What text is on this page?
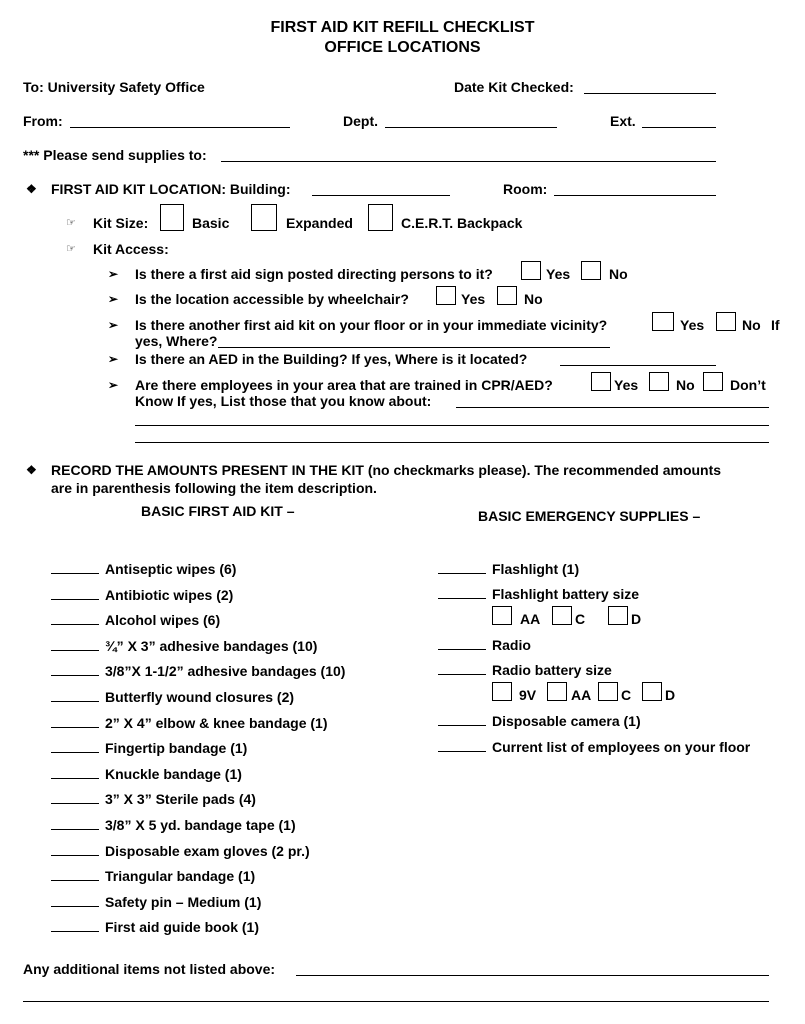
FIRST AID KIT REFILL CHECKLIST
OFFICE LOCATIONS
To: University Safety Office	Date Kit Checked:
From:	Dept.	Ext.
*** Please send supplies to:
❖ FIRST AID KIT LOCATION: Building:	Room:
☞ Kit Size:	Basic	Expanded	C.E.R.T. Backpack
☞ Kit Access:
➢ Is there a first aid sign posted directing persons to it?	Yes	No
➢ Is the location accessible by wheelchair?	Yes	No
➢ Is there another first aid kit on your floor or in your immediate vicinity?	Yes	No If
yes, Where?
➢ Is there an AED in the Building? If yes, Where is it located?
➢ Are there employees in your area that are trained in CPR/AED?	Yes	No	Don’t
Know If yes, List those that you know about:
❖ RECORD THE AMOUNTS PRESENT IN THE KIT (no checkmarks please). The recommended amounts
are in parenthesis following the item description.
BASIC FIRST AID KIT –	BASIC EMERGENCY SUPPLIES –
Antiseptic wipes (6)
Antibiotic wipes (2)
Alcohol wipes (6)
¾” X 3” adhesive bandages (10)
3/8”X 1-1/2” adhesive bandages (10)
Butterfly wound closures (2)
2” X 4” elbow & knee bandage (1)
Fingertip bandage (1)
Knuckle bandage (1)
3” X 3” Sterile pads (4)
3/8” X 5 yd. bandage tape (1)
Disposable exam gloves (2 pr.)
Triangular bandage (1)
Safety pin – Medium (1)
First aid guide book (1)
Flashlight (1)
Flashlight battery size
AA C	D
Radio
Radio battery size
9V AA C D
Disposable camera (1)
Current list of employees on your floor
Any additional items not listed above:
